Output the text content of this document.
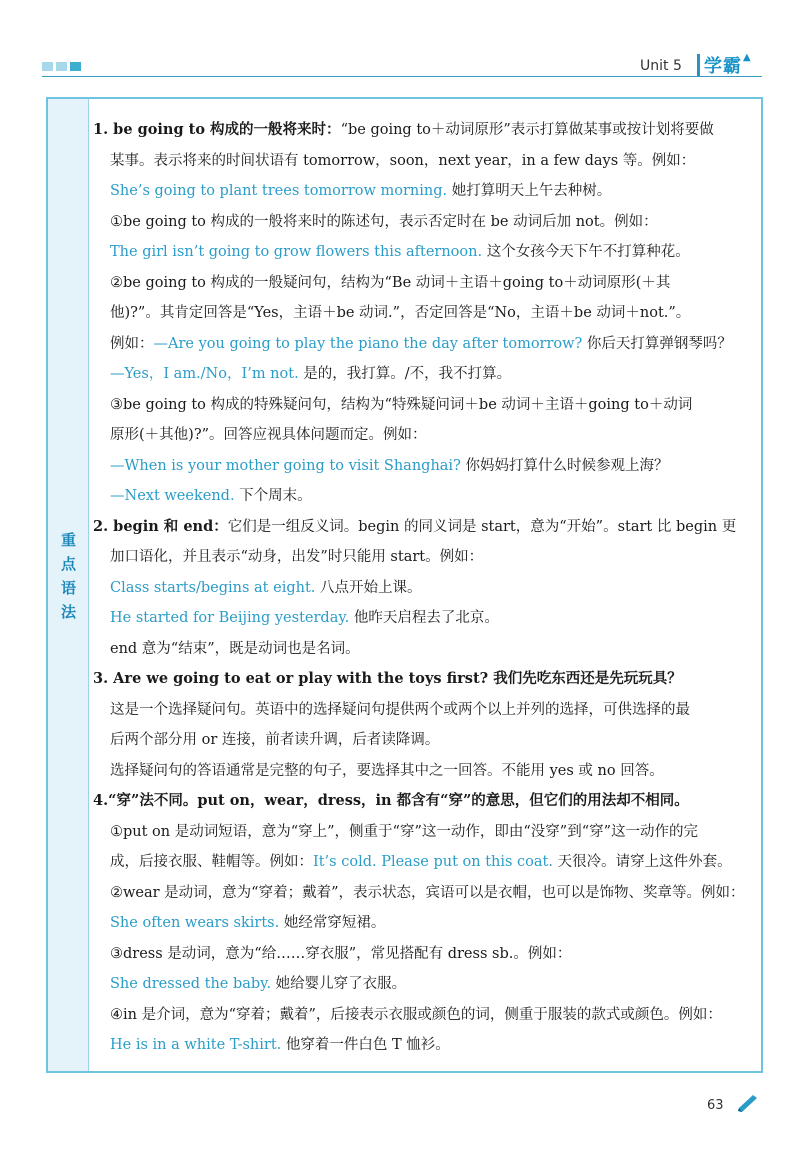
Unit 5 学霸 ▲
重
点
语
法
1. be going to 构成的一般将来时：“be going to＋动词原形”表示打算做某事或按计划将要做
某事。表示将来的时间状语有 tomorrow，soon，next year，in a few days 等。例如：
She’s going to plant trees tomorrow morning. 她打算明天上午去种树。
①be going to 构成的一般将来时的陈述句，表示否定时在 be 动词后加 not。例如：
The girl isn’t going to grow flowers this afternoon. 这个女孩今天下午不打算种花。
②be going to 构成的一般疑问句，结构为“Be 动词＋主语＋going to＋动词原形(＋其
他)?”。其肯定回答是“Yes，主语＋be 动词.”，否定回答是“No，主语＋be 动词＋not.”。
例如：—Are you going to play the piano the day after tomorrow? 你后天打算弹钢琴吗？
—Yes，I am./No，I’m not. 是的，我打算。/不，我不打算。
③be going to 构成的特殊疑问句，结构为“特殊疑问词＋be 动词＋主语＋going to＋动词
原形(＋其他)?”。回答应视具体问题而定。例如：
—When is your mother going to visit Shanghai? 你妈妈打算什么时候参观上海？
—Next weekend. 下个周末。
2. begin 和 end：它们是一组反义词。begin 的同义词是 start，意为“开始”。start 比 begin 更
加口语化，并且表示“动身，出发”时只能用 start。例如：
Class starts/begins at eight. 八点开始上课。
He started for Beijing yesterday. 他昨天启程去了北京。
end 意为“结束”，既是动词也是名词。
3. Are we going to eat or play with the toys first? 我们先吃东西还是先玩玩具？
这是一个选择疑问句。英语中的选择疑问句提供两个或两个以上并列的选择，可供选择的最
后两个部分用 or 连接，前者读升调，后者读降调。
选择疑问句的答语通常是完整的句子，要选择其中之一回答。不能用 yes 或 no 回答。
4.“穿”法不同。put on，wear，dress，in 都含有“穿”的意思，但它们的用法却不相同。
①put on 是动词短语，意为“穿上”，侧重于“穿”这一动作，即由“没穿”到“穿”这一动作的完
成，后接衣服、鞋帽等。例如：It’s cold. Please put on this coat. 天很冷。请穿上这件外套。
②wear 是动词，意为“穿着；戴着”，表示状态，宾语可以是衣帽，也可以是饰物、奖章等。例如：
She often wears skirts. 她经常穿短裙。
③dress 是动词，意为“给……穿衣服”，常见搭配有 dress sb.。例如：
She dressed the baby. 她给婴儿穿了衣服。
④in 是介词，意为“穿着；戴着”，后接表示衣服或颜色的词，侧重于服装的款式或颜色。例如：
He is in a white T-shirt. 他穿着一件白色 T 恤衫。
63
